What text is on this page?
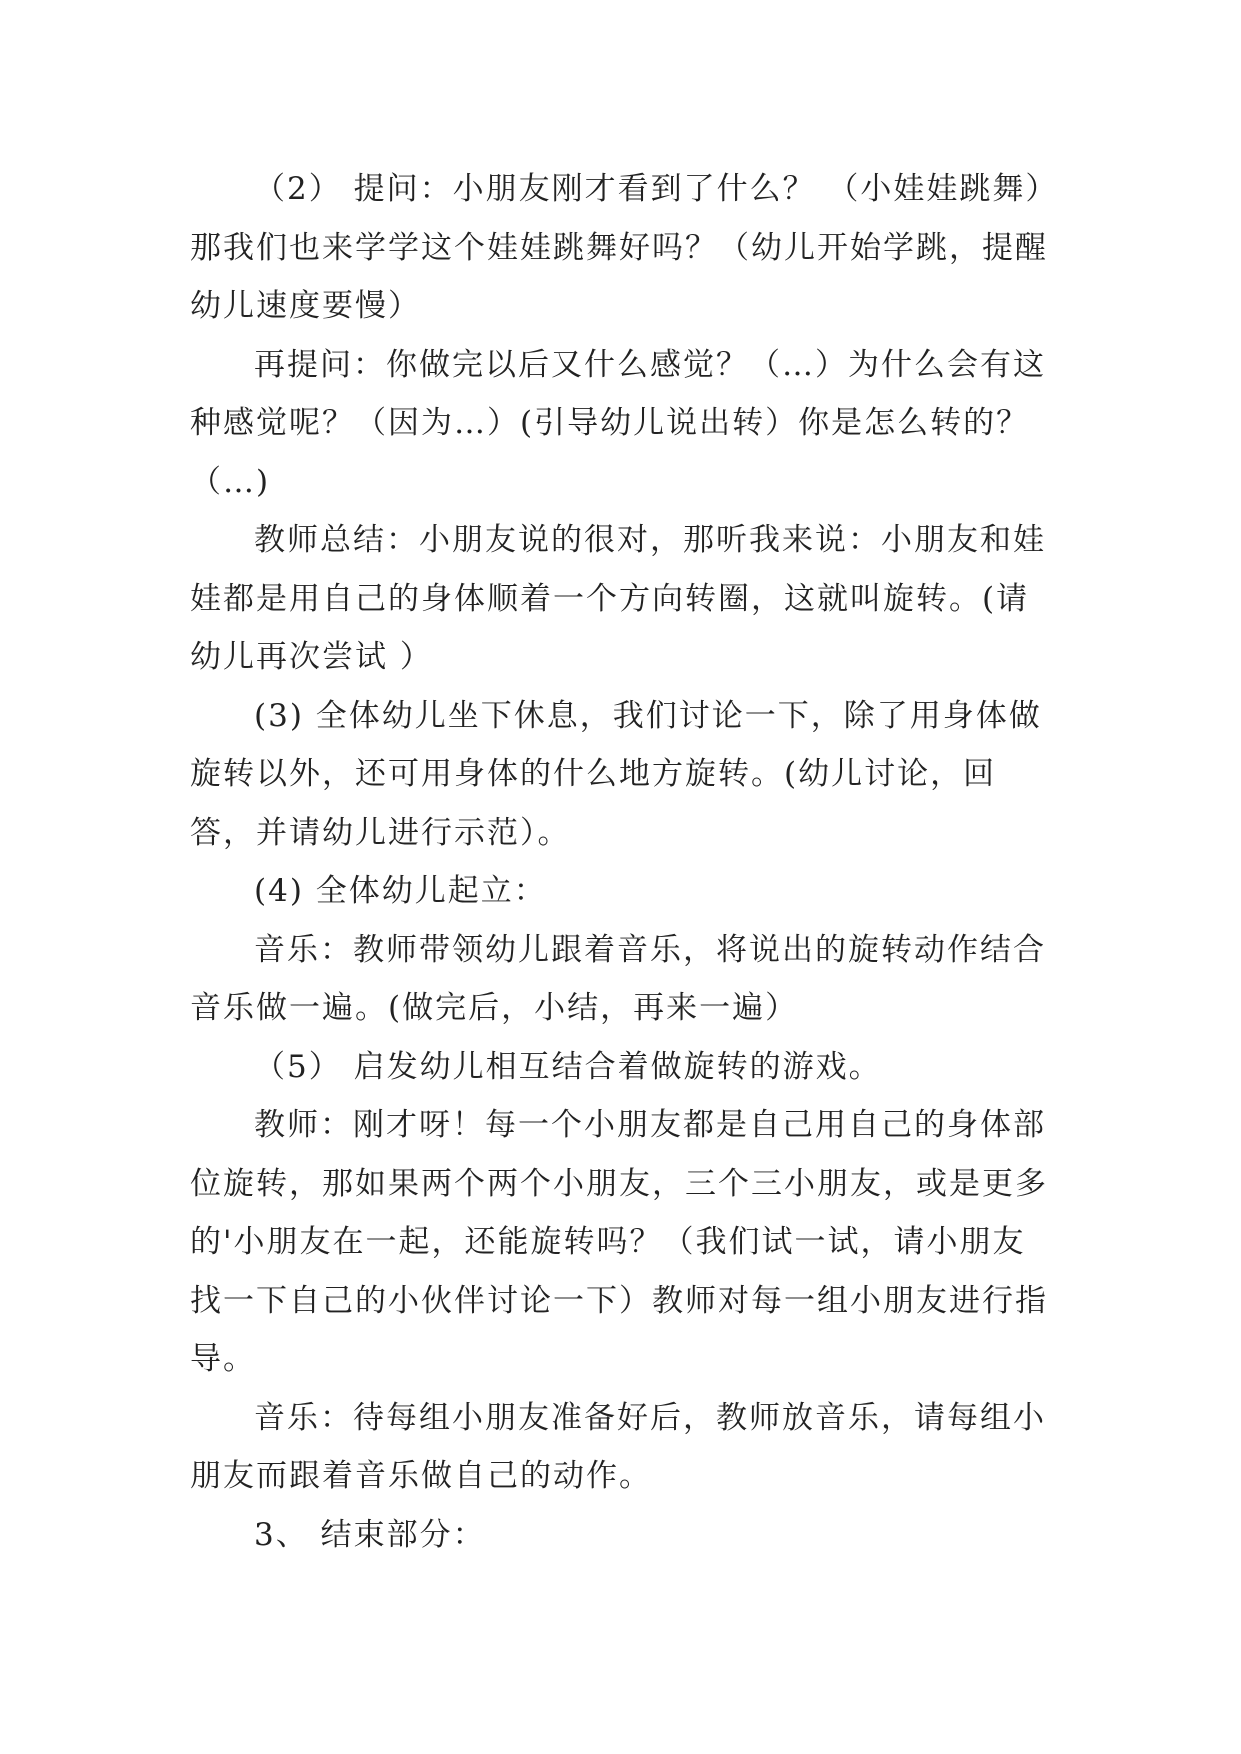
（2） 提问：小朋友刚才看到了什么？ （小娃娃跳舞）那我们也来学学这个娃娃跳舞好吗？（幼儿开始学跳，提醒幼儿速度要慢）

再提问：你做完以后又什么感觉？（…）为什么会有这种感觉呢？（因为…）(引导幼儿说出转）你是怎么转的？（…)

教师总结：小朋友说的很对，那听我来说：小朋友和娃娃都是用自己的身体顺着一个方向转圈，这就叫旋转。(请幼儿再次尝试 ）

(3) 全体幼儿坐下休息，我们讨论一下，除了用身体做旋转以外，还可用身体的什么地方旋转。(幼儿讨论，回答，并请幼儿进行示范）。

(4) 全体幼儿起立：

音乐：教师带领幼儿跟着音乐，将说出的旋转动作结合音乐做一遍。(做完后，小结，再来一遍）

（5） 启发幼儿相互结合着做旋转的游戏。

教师：刚才呀！每一个小朋友都是自己用自己的身体部位旋转，那如果两个两个小朋友，三个三小朋友，或是更多的'小朋友在一起，还能旋转吗？（我们试一试，请小朋友找一下自己的小伙伴讨论一下）教师对每一组小朋友进行指导。

音乐：待每组小朋友准备好后，教师放音乐，请每组小朋友而跟着音乐做自己的动作。

3、 结束部分：
